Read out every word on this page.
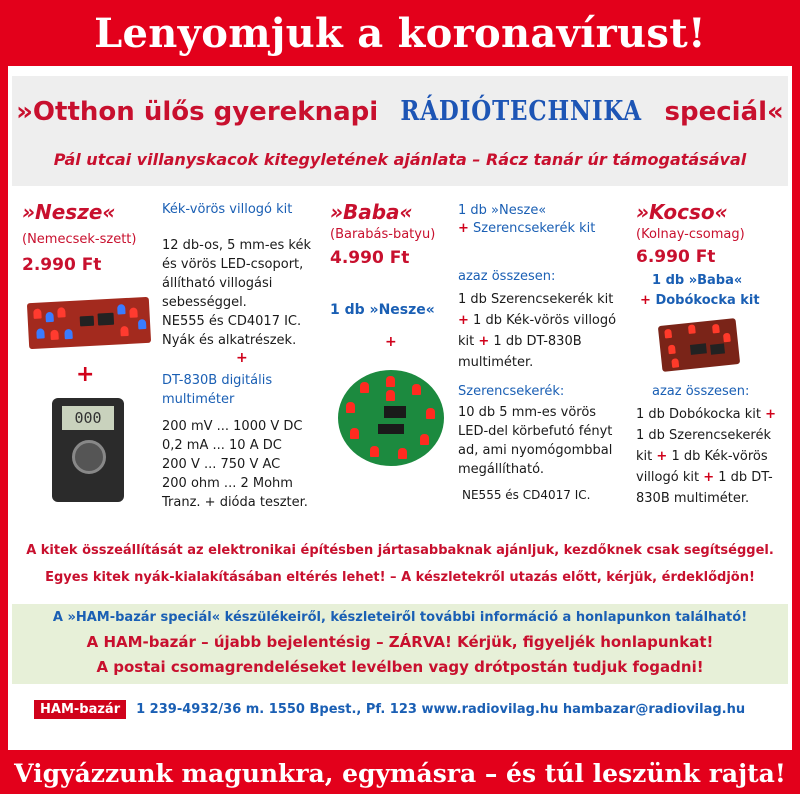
Lenyomjuk a koronavírust!
»Otthon ülős gyereknapi RÁDIÓTECHNIKA speciál«
Pál utcai villanyskacok kitegyletének ajánlata – Rácz tanár úr támogatásával
»Nesze«
(Nemecsek-szett)
2.990 Ft
+
000
Kék-vörös villogó kit
12 db-os, 5 mm-es kék
és vörös LED-csoport,
állítható villogási
sebességgel.
NE555 és CD4017 IC.
Nyák és alkatrészek.
+
DT-830B digitális
multiméter
200 mV ... 1000 V DC
0,2 mA ... 10 A DC
200 V ... 750 V AC
200 ohm ... 2 Mohm
Tranz. + dióda teszter.
»Baba«
(Barabás-batyu)
4.990 Ft
1 db »Nesze«
+
1 db »Nesze«
+ Szerencsekerék kit
azaz összesen:
1 db Szerencsekerék kit
+ 1 db Kék-vörös villogó
kit + 1 db DT-830B
multiméter.
Szerencsekerék:
10 db 5 mm-es vörös
LED-del körbefutó fényt
ad, ami nyomógombbal
megállítható.
NE555 és CD4017 IC.
»Kocso«
(Kolnay-csomag)
6.990 Ft
1 db »Baba«
+ Dobókocka kit
azaz összesen:
1 db Dobókocka kit +
1 db Szerencsekerék
kit + 1 db Kék-vörös
villogó kit + 1 db DT-
830B multiméter.
A kitek összeállítását az elektronikai építésben jártasabbaknak ajánljuk, kezdőknek csak segítséggel.
Egyes kitek nyák-kialakításában eltérés lehet! – A készletekről utazás előtt, kérjük, érdeklődjön!
A »HAM-bazár speciál« készülékeiről, készleteiről további információ a honlapunkon található!
A HAM-bazár – újabb bejelentésig – ZÁRVA! Kérjük, figyeljék honlapunkat!
A postai csomagrendeléseket levélben vagy drótpostán tudjuk fogadni!
HAM-bazár	1 239-4932/36 m. 1550 Bpest., Pf. 123 www.radiovilag.hu hambazar@radiovilag.hu
Vigyázzunk magunkra, egymásra – és túl leszünk rajta!
